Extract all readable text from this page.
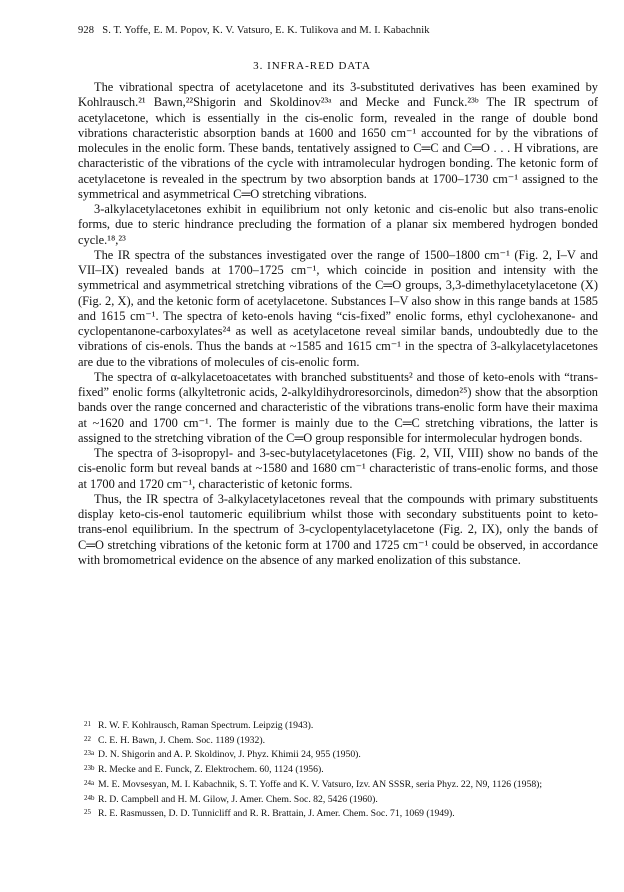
928 S. T. Yoffe, E. M. Popov, K. V. Vatsuro, E. K. Tulikova and M. I. Kabachnik
3. INFRA-RED DATA

The vibrational spectra of acetylacetone and its 3-substituted derivatives has been examined by Kohlrausch.²¹ Bawn,²²Shigorin and Skoldinov²³ᵃ and Mecke and Funck.²³ᵇ The IR spectrum of acetylacetone, which is essentially in the cis-enolic form, revealed in the range of double bond vibrations characteristic absorption bands at 1600 and 1650 cm⁻¹ accounted for by the vibrations of molecules in the enolic form. These bands, tentatively assigned to C═C and C═O . . . H vibrations, are characteristic of the vibrations of the cycle with intramolecular hydrogen bonding. The ketonic form of acetylacetone is revealed in the spectrum by two absorption bands at 1700–1730 cm⁻¹ assigned to the symmetrical and asymmetrical C═O stretching vibrations.

3-alkylacetylacetones exhibit in equilibrium not only ketonic and cis-enolic but also trans-enolic forms, due to steric hindrance precluding the formation of a planar six membered hydrogen bonded cycle.¹⁸,²³

The IR spectra of the substances investigated over the range of 1500–1800 cm⁻¹ (Fig. 2, I–V and VII–IX) revealed bands at 1700–1725 cm⁻¹, which coincide in position and intensity with the symmetrical and asymmetrical stretching vibrations of the C═O groups, 3,3-dimethylacetylacetone (X) (Fig. 2, X), and the ketonic form of acetylacetone. Substances I–V also show in this range bands at 1585 and 1615 cm⁻¹. The spectra of keto-enols having “cis-fixed” enolic forms, ethyl cyclohexanone- and cyclopentanone-carboxylates²⁴ as well as acetylacetone reveal similar bands, undoubtedly due to the vibrations of cis-enols. Thus the bands at ~1585 and 1615 cm⁻¹ in the spectra of 3-alkylacetylacetones are due to the vibrations of molecules of cis-enolic form.

The spectra of α-alkylacetoacetates with branched substituents² and those of keto-enols with “trans-fixed” enolic forms (alkyltetronic acids, 2-alkyldihydroresorcinols, dimedon²⁵) show that the absorption bands over the range concerned and characteristic of the vibrations trans-enolic form have their maxima at ~1620 and 1700 cm⁻¹. The former is mainly due to the C═C stretching vibrations, the latter is assigned to the stretching vibration of the C═O group responsible for intermolecular hydrogen bonds.

The spectra of 3-isopropyl- and 3-sec-butylacetylacetones (Fig. 2, VII, VIII) show no bands of the cis-enolic form but reveal bands at ~1580 and 1680 cm⁻¹ characteristic of trans-enolic forms, and those at 1700 and 1720 cm⁻¹, characteristic of ketonic forms.

Thus, the IR spectra of 3-alkylacetylacetones reveal that the compounds with primary substituents display keto-cis-enol tautomeric equilibrium whilst those with secondary substituents point to keto-trans-enol equilibrium. In the spectrum of 3-cyclopentylacetylacetone (Fig. 2, IX), only the bands of C═O stretching vibrations of the ketonic form at 1700 and 1725 cm⁻¹ could be observed, in accordance with bromometrical evidence on the absence of any marked enolization of this substance.

21 R. W. F. Kohlrausch, Raman Spectrum. Leipzig (1943).
22 C. E. H. Bawn, J. Chem. Soc. 1189 (1932).
23a D. N. Shigorin and A. P. Skoldinov, J. Phyz. Khimii 24, 955 (1950).
23b R. Mecke and E. Funck, Z. Elektrochem. 60, 1124 (1956).
24a M. E. Movsesyan, M. I. Kabachnik, S. T. Yoffe and K. V. Vatsuro, Izv. AN SSSR, seria Phyz. 22, N9, 1126 (1958);
24b R. D. Campbell and H. M. Gilow, J. Amer. Chem. Soc. 82, 5426 (1960).
25 R. E. Rasmussen, D. D. Tunnicliff and R. R. Brattain, J. Amer. Chem. Soc. 71, 1069 (1949).
